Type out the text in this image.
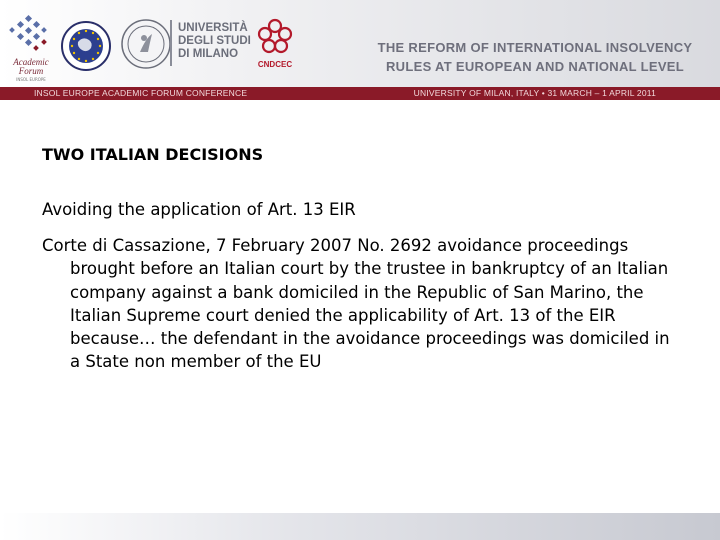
Academic Forum
INSOL EUROPE
UNIVERSITÀ
DEGLI STUDI
DI MILANO
CNDCEC
THE REFORM OF INTERNATIONAL INSOLVENCY
RULES AT EUROPEAN AND NATIONAL LEVEL
INSOL EUROPE ACADEMIC FORUM CONFERENCE	UNIVERSITY OF MILAN, ITALY • 31 MARCH – 1 APRIL 2011
TWO ITALIAN DECISIONS
Avoiding the application of Art. 13 EIR
Corte di Cassazione, 7 February 2007 No. 2692 avoidance proceedings brought before an Italian court by the trustee in bankruptcy of an Italian company against a bank domiciled in the Republic of San Marino, the Italian Supreme court denied the applicability of Art. 13 of the EIR because… the defendant in the avoidance proceedings was domiciled in a State non member of the EU
